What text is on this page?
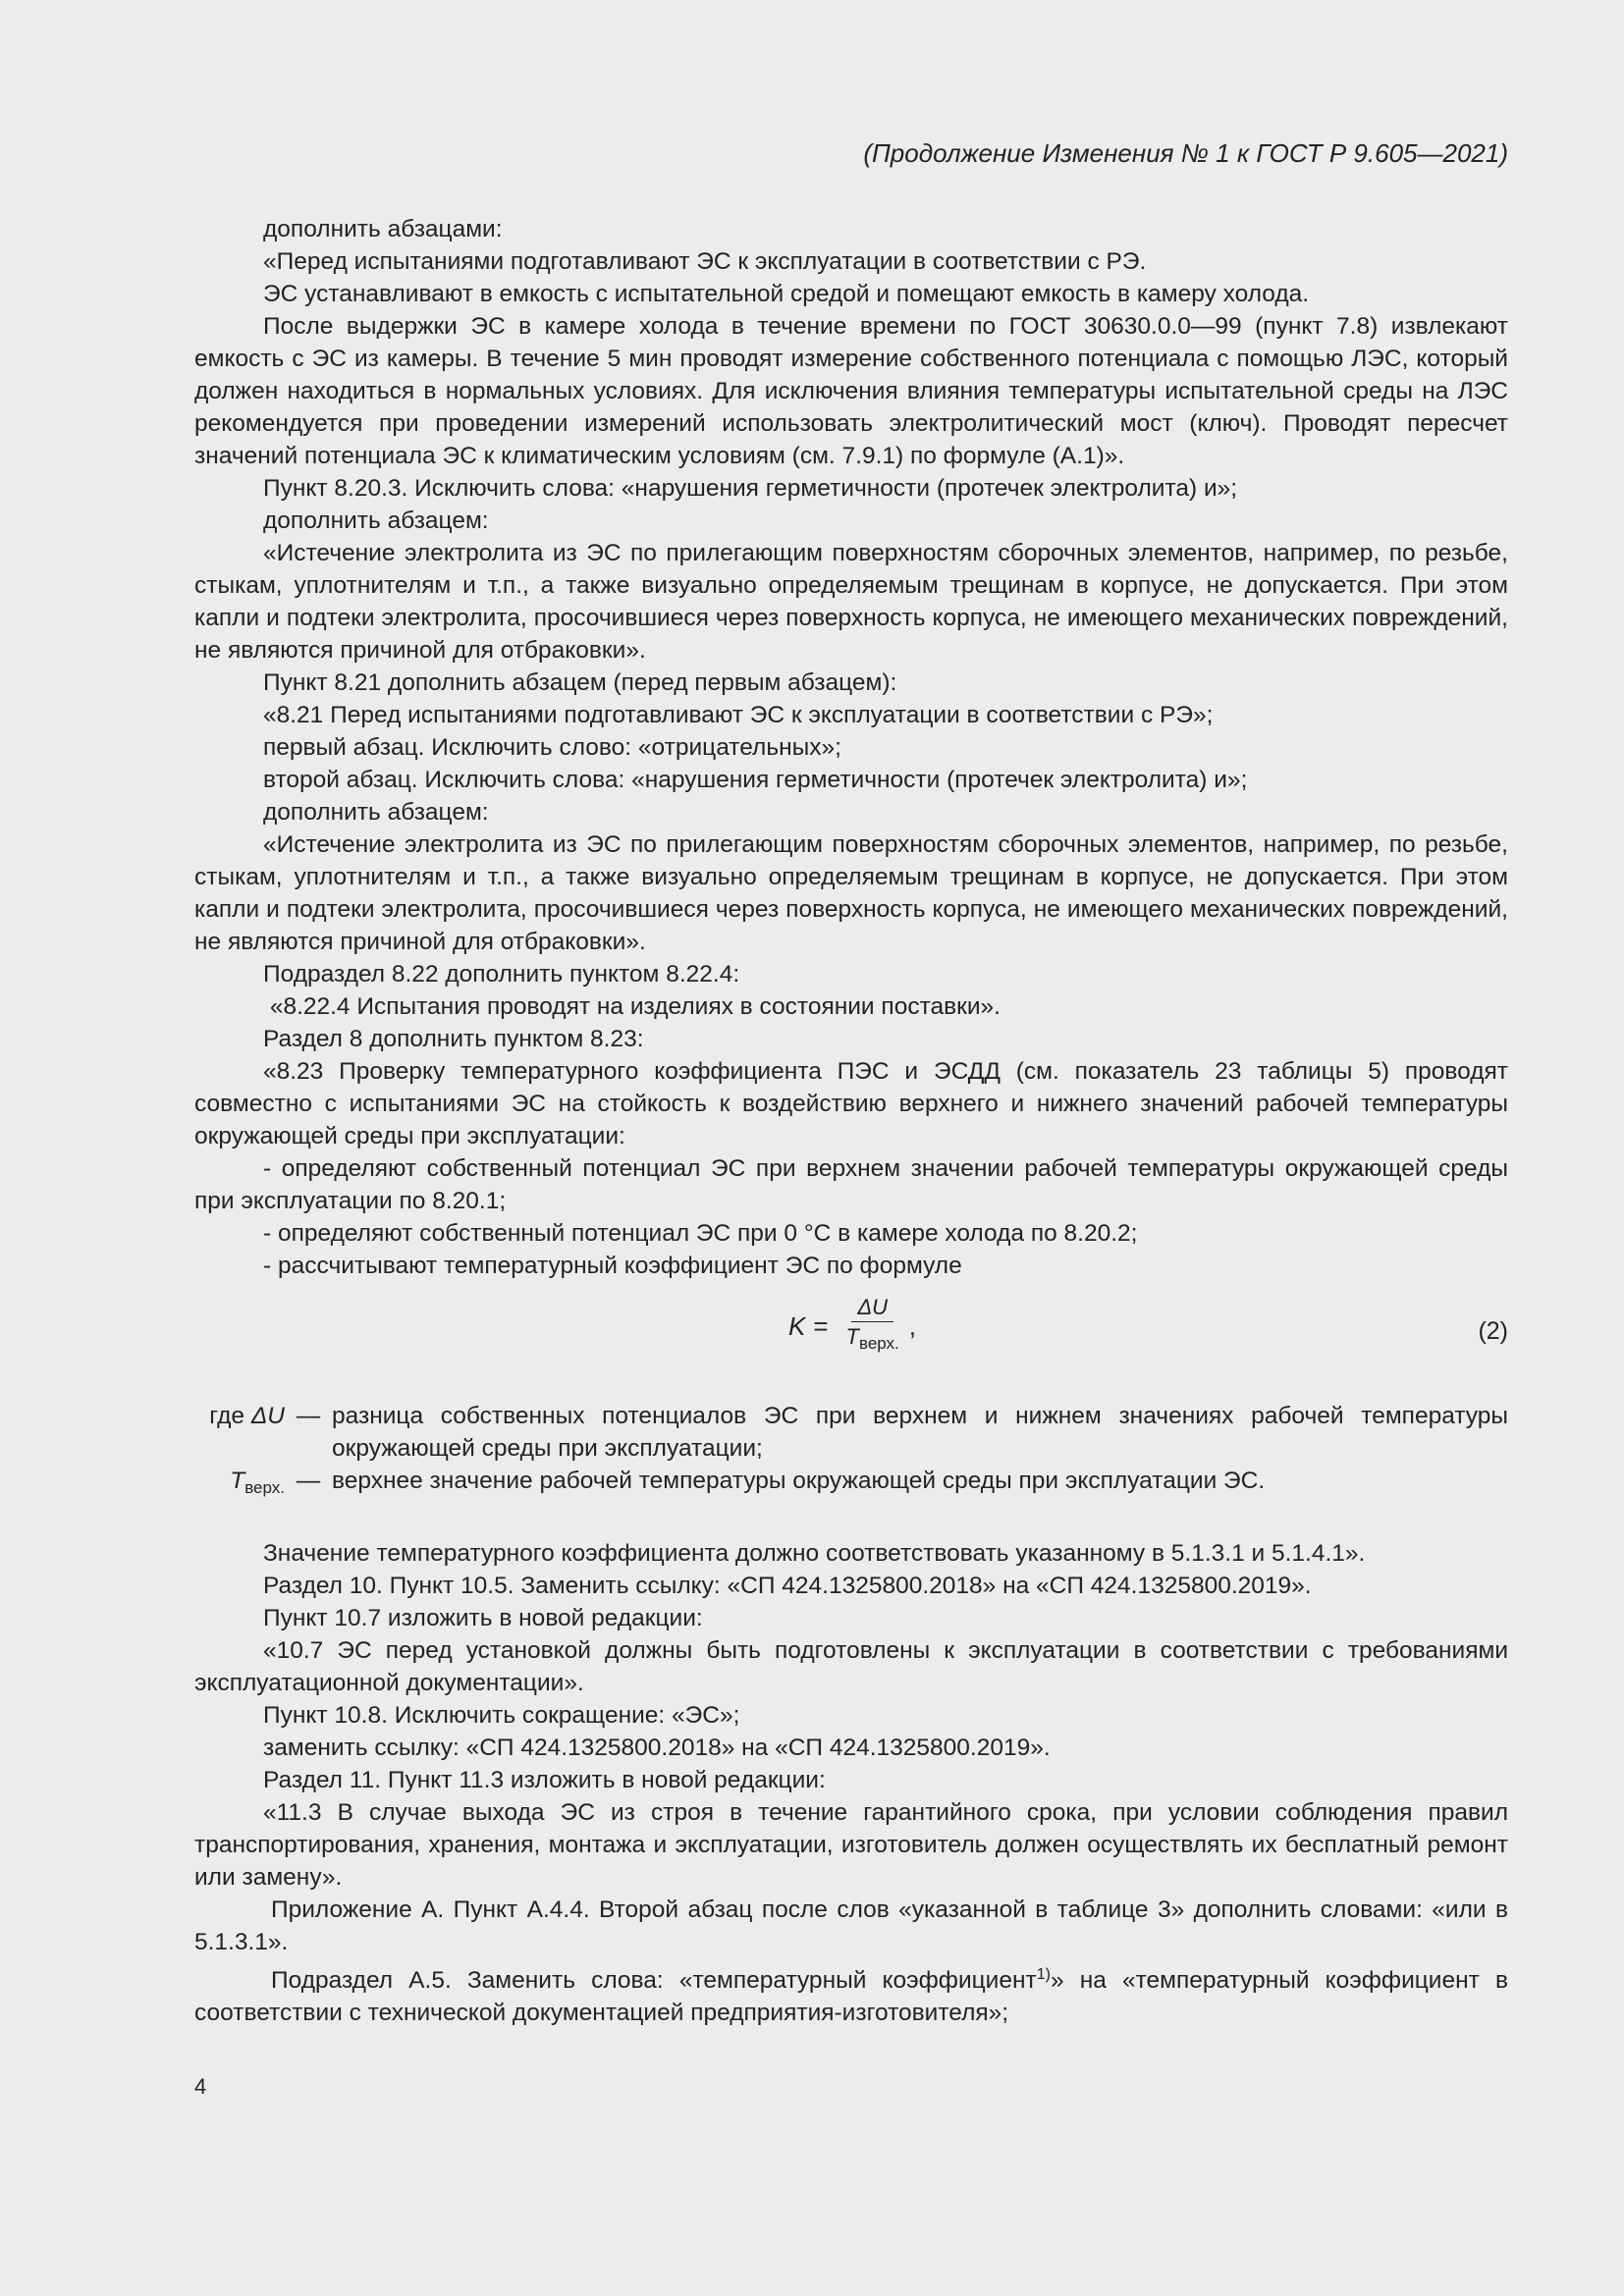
(Продолжение Изменения № 1 к ГОСТ Р 9.605—2021)

дополнить абзацами:

«Перед испытаниями подготавливают ЭС к эксплуатации в соответствии с РЭ.

ЭС устанавливают в емкость с испытательной средой и помещают емкость в камеру холода.

После выдержки ЭС в камере холода в течение времени по ГОСТ 30630.0.0—99 (пункт 7.8) извлекают емкость с ЭС из камеры. В течение 5 мин проводят измерение собственного потенциала с помощью ЛЭС, который должен находиться в нормальных условиях. Для исключения влияния температуры испытательной среды на ЛЭС рекомендуется при проведении измерений использовать электролитический мост (ключ). Проводят пересчет значений потенциала ЭС к климатическим условиям (см. 7.9.1) по формуле (А.1)».

Пункт 8.20.3. Исключить слова: «нарушения герметичности (протечек электролита) и»;

дополнить абзацем:

«Истечение электролита из ЭС по прилегающим поверхностям сборочных элементов, например, по резьбе, стыкам, уплотнителям и т.п., а также визуально определяемым трещинам в корпусе, не допускается. При этом капли и подтеки электролита, просочившиеся через поверхность корпуса, не имеющего механических повреждений, не являются причиной для отбраковки».

Пункт 8.21 дополнить абзацем (перед первым абзацем):

«8.21 Перед испытаниями подготавливают ЭС к эксплуатации в соответствии с РЭ»;

первый абзац. Исключить слово: «отрицательных»;

второй абзац. Исключить слова: «нарушения герметичности (протечек электролита) и»;

дополнить абзацем:

«Истечение электролита из ЭС по прилегающим поверхностям сборочных элементов, например, по резьбе, стыкам, уплотнителям и т.п., а также визуально определяемым трещинам в корпусе, не допускается. При этом капли и подтеки электролита, просочившиеся через поверхность корпуса, не имеющего механических повреждений, не являются причиной для отбраковки».

Подраздел 8.22 дополнить пунктом 8.22.4:

«8.22.4 Испытания проводят на изделиях в состоянии поставки».

Раздел 8 дополнить пунктом 8.23:

«8.23 Проверку температурного коэффициента ПЭС и ЭСДД (см. показатель 23 таблицы 5) проводят совместно с испытаниями ЭС на стойкость к воздействию верхнего и нижнего значений рабочей температуры окружающей среды при эксплуатации:

- определяют собственный потенциал ЭС при верхнем значении рабочей температуры окружающей среды при эксплуатации по 8.20.1;

- определяют собственный потенциал ЭС при 0 °С в камере холода по 8.20.2;

- рассчитывают температурный коэффициент ЭС по формуле

$K = \frac{\Delta U}{T_{верх.}}$ ,	(2)
где ΔU — разница собственных потенциалов ЭС при верхнем и нижнем значениях рабочей температуры окружающей среды при эксплуатации;
$T_{верх.}$ — верхнее значение рабочей температуры окружающей среды при эксплуатации ЭС.

Значение температурного коэффициента должно соответствовать указанному в 5.1.3.1 и 5.1.4.1».

Раздел 10. Пункт 10.5. Заменить ссылку: «СП 424.1325800.2018» на «СП 424.1325800.2019».

Пункт 10.7 изложить в новой редакции:

«10.7 ЭС перед установкой должны быть подготовлены к эксплуатации в соответствии с требованиями эксплуатационной документации».

Пункт 10.8. Исключить сокращение: «ЭС»;

заменить ссылку: «СП 424.1325800.2018» на «СП 424.1325800.2019».

Раздел 11. Пункт 11.3 изложить в новой редакции:

«11.3 В случае выхода ЭС из строя в течение гарантийного срока, при условии соблюдения правил транспортирования, хранения, монтажа и эксплуатации, изготовитель должен осуществлять их бесплатный ремонт или замену».

Приложение А. Пункт А.4.4. Второй абзац после слов «указанной в таблице 3» дополнить словами: «или в 5.1.3.1».

Подраздел А.5. Заменить слова: «температурный коэффициент$^{1)}$» на «температурный коэффициент в соответствии с технической документацией предприятия-изготовителя»;

4
